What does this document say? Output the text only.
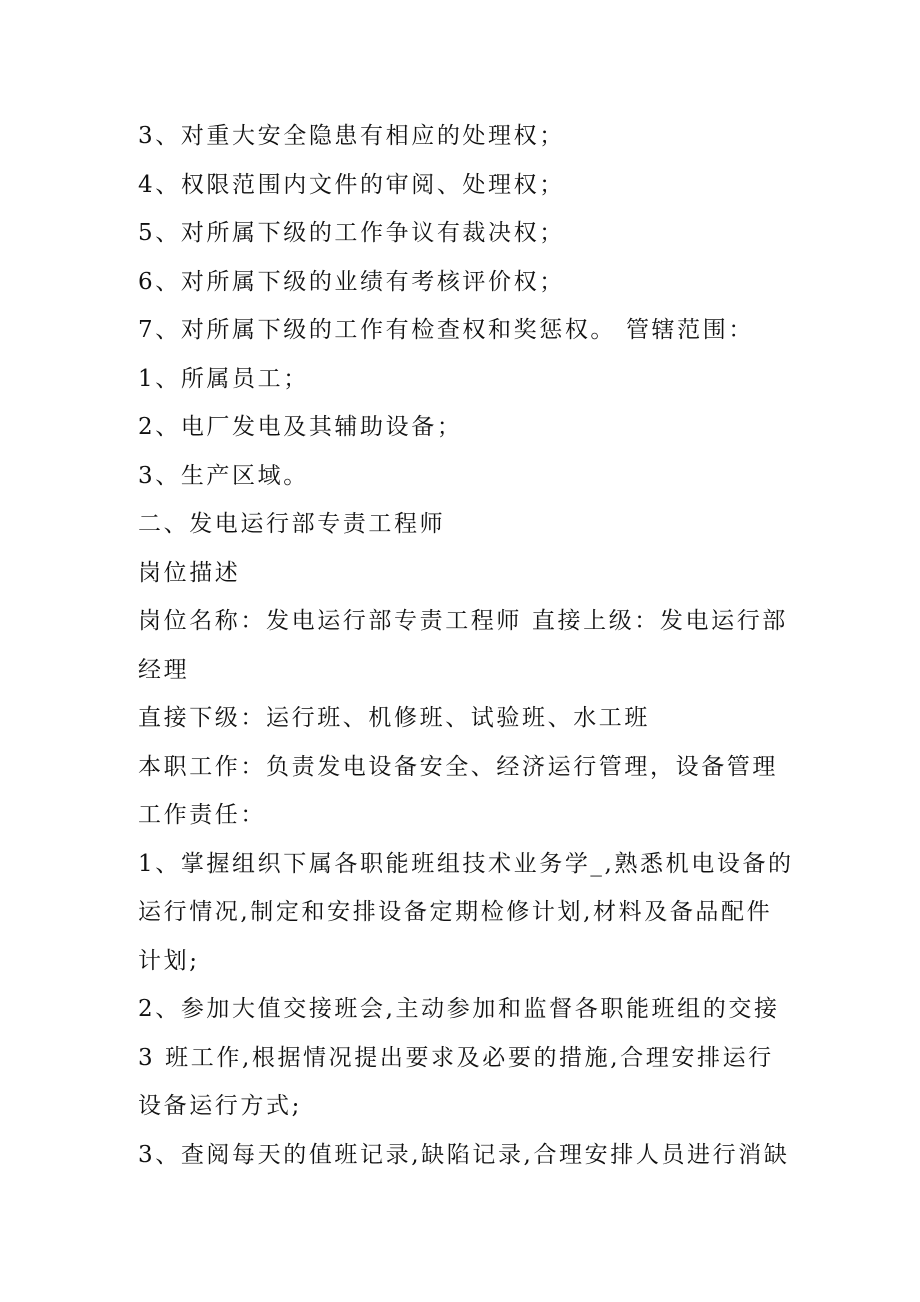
3、对重大安全隐患有相应的处理权；
4、权限范围内文件的审阅、处理权；
5、对所属下级的工作争议有裁决权；
6、对所属下级的业绩有考核评价权；
7、对所属下级的工作有检查权和奖惩权。 管辖范围：
1、所属员工；
2、电厂发电及其辅助设备；
3、生产区域。
二、发电运行部专责工程师
岗位描述
岗位名称：发电运行部专责工程师 直接上级：发电运行部
经理
直接下级：运行班、机修班、试验班、水工班
本职工作：负责发电设备安全、经济运行管理，设备管理
工作责任：
1、掌握组织下属各职能班组技术业务学_,熟悉机电设备的
运行情况,制定和安排设备定期检修计划,材料及备品配件
计划;
2、参加大值交接班会,主动参加和监督各职能班组的交接
3 班工作,根据情况提出要求及必要的措施,合理安排运行
设备运行方式;
3、查阅每天的值班记录,缺陷记录,合理安排人员进行消缺
